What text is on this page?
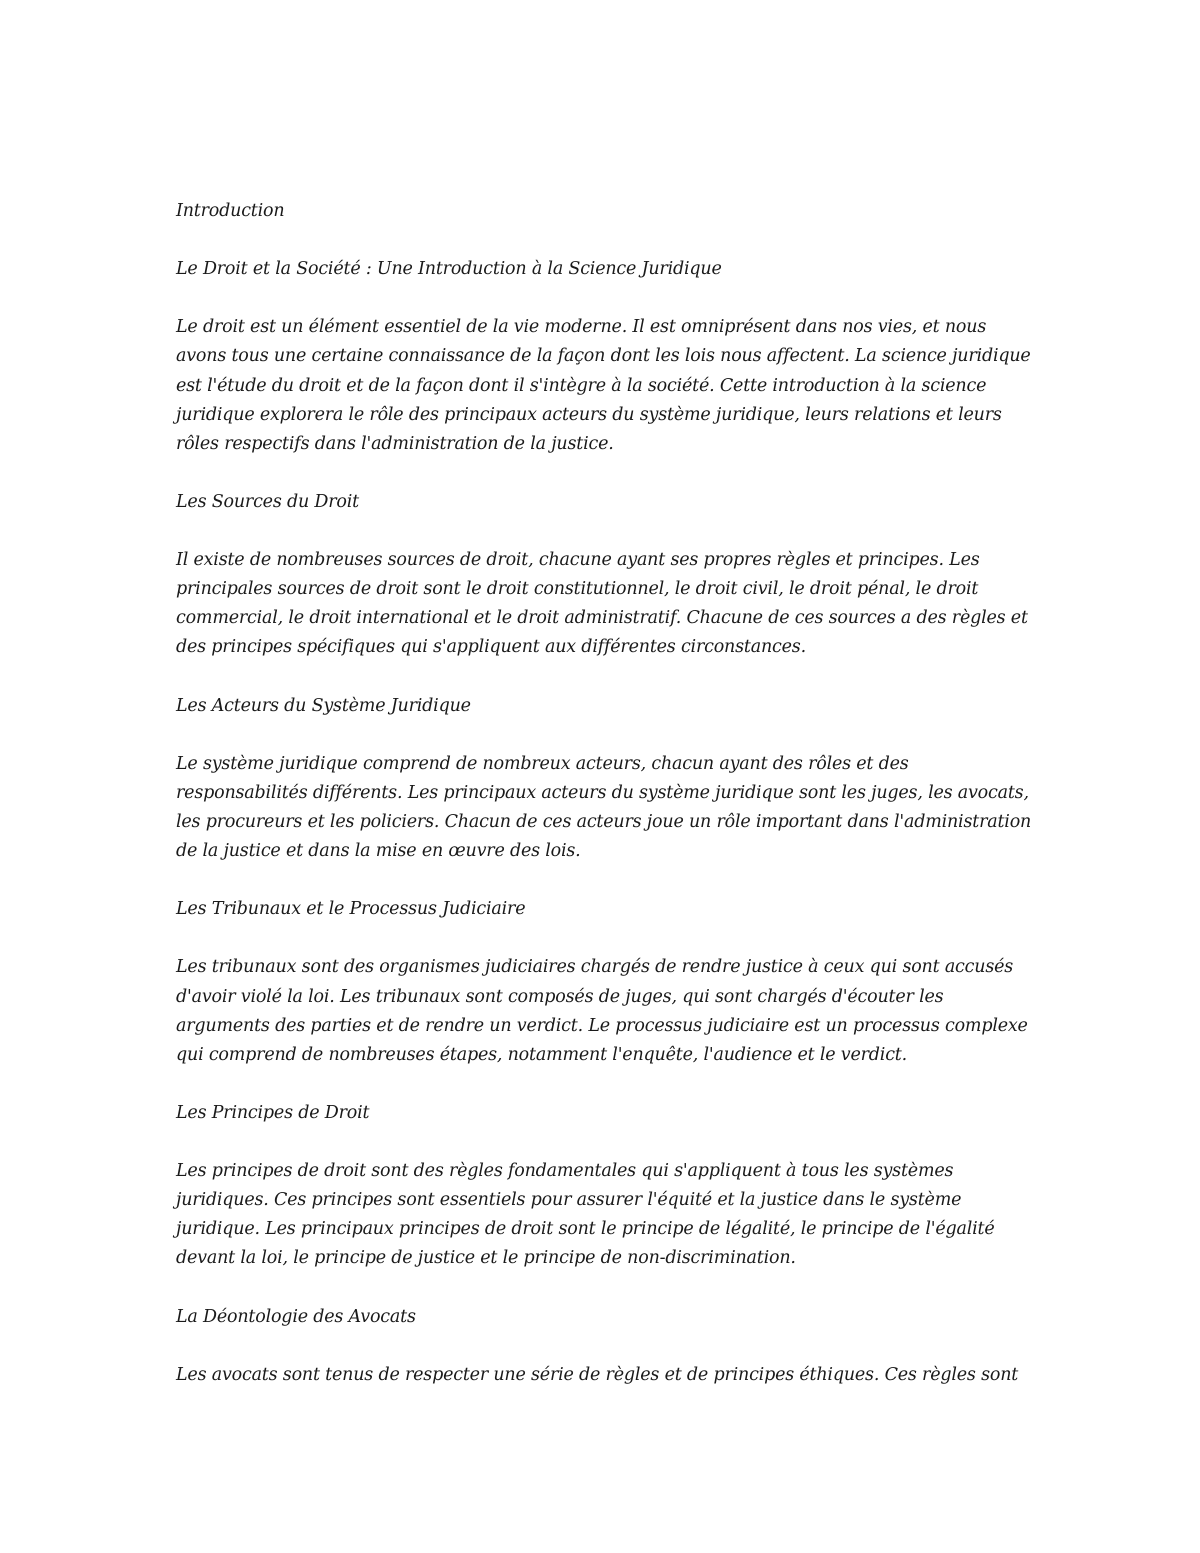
Introduction

Le Droit et la Société : Une Introduction à la Science Juridique

Le droit est un élément essentiel de la vie moderne. Il est omniprésent dans nos vies, et nous avons tous une certaine connaissance de la façon dont les lois nous affectent. La science juridique est l'étude du droit et de la façon dont il s'intègre à la société. Cette introduction à la science juridique explorera le rôle des principaux acteurs du système juridique, leurs relations et leurs rôles respectifs dans l'administration de la justice.

Les Sources du Droit

Il existe de nombreuses sources de droit, chacune ayant ses propres règles et principes. Les principales sources de droit sont le droit constitutionnel, le droit civil, le droit pénal, le droit commercial, le droit international et le droit administratif. Chacune de ces sources a des règles et des principes spécifiques qui s'appliquent aux différentes circonstances.

Les Acteurs du Système Juridique

Le système juridique comprend de nombreux acteurs, chacun ayant des rôles et des responsabilités différents. Les principaux acteurs du système juridique sont les juges, les avocats, les procureurs et les policiers. Chacun de ces acteurs joue un rôle important dans l'administration de la justice et dans la mise en œuvre des lois.

Les Tribunaux et le Processus Judiciaire

Les tribunaux sont des organismes judiciaires chargés de rendre justice à ceux qui sont accusés d'avoir violé la loi. Les tribunaux sont composés de juges, qui sont chargés d'écouter les arguments des parties et de rendre un verdict. Le processus judiciaire est un processus complexe qui comprend de nombreuses étapes, notamment l'enquête, l'audience et le verdict.

Les Principes de Droit

Les principes de droit sont des règles fondamentales qui s'appliquent à tous les systèmes juridiques. Ces principes sont essentiels pour assurer l'équité et la justice dans le système juridique. Les principaux principes de droit sont le principe de légalité, le principe de l'égalité devant la loi, le principe de justice et le principe de non-discrimination.

La Déontologie des Avocats

Les avocats sont tenus de respecter une série de règles et de principes éthiques. Ces règles sont
